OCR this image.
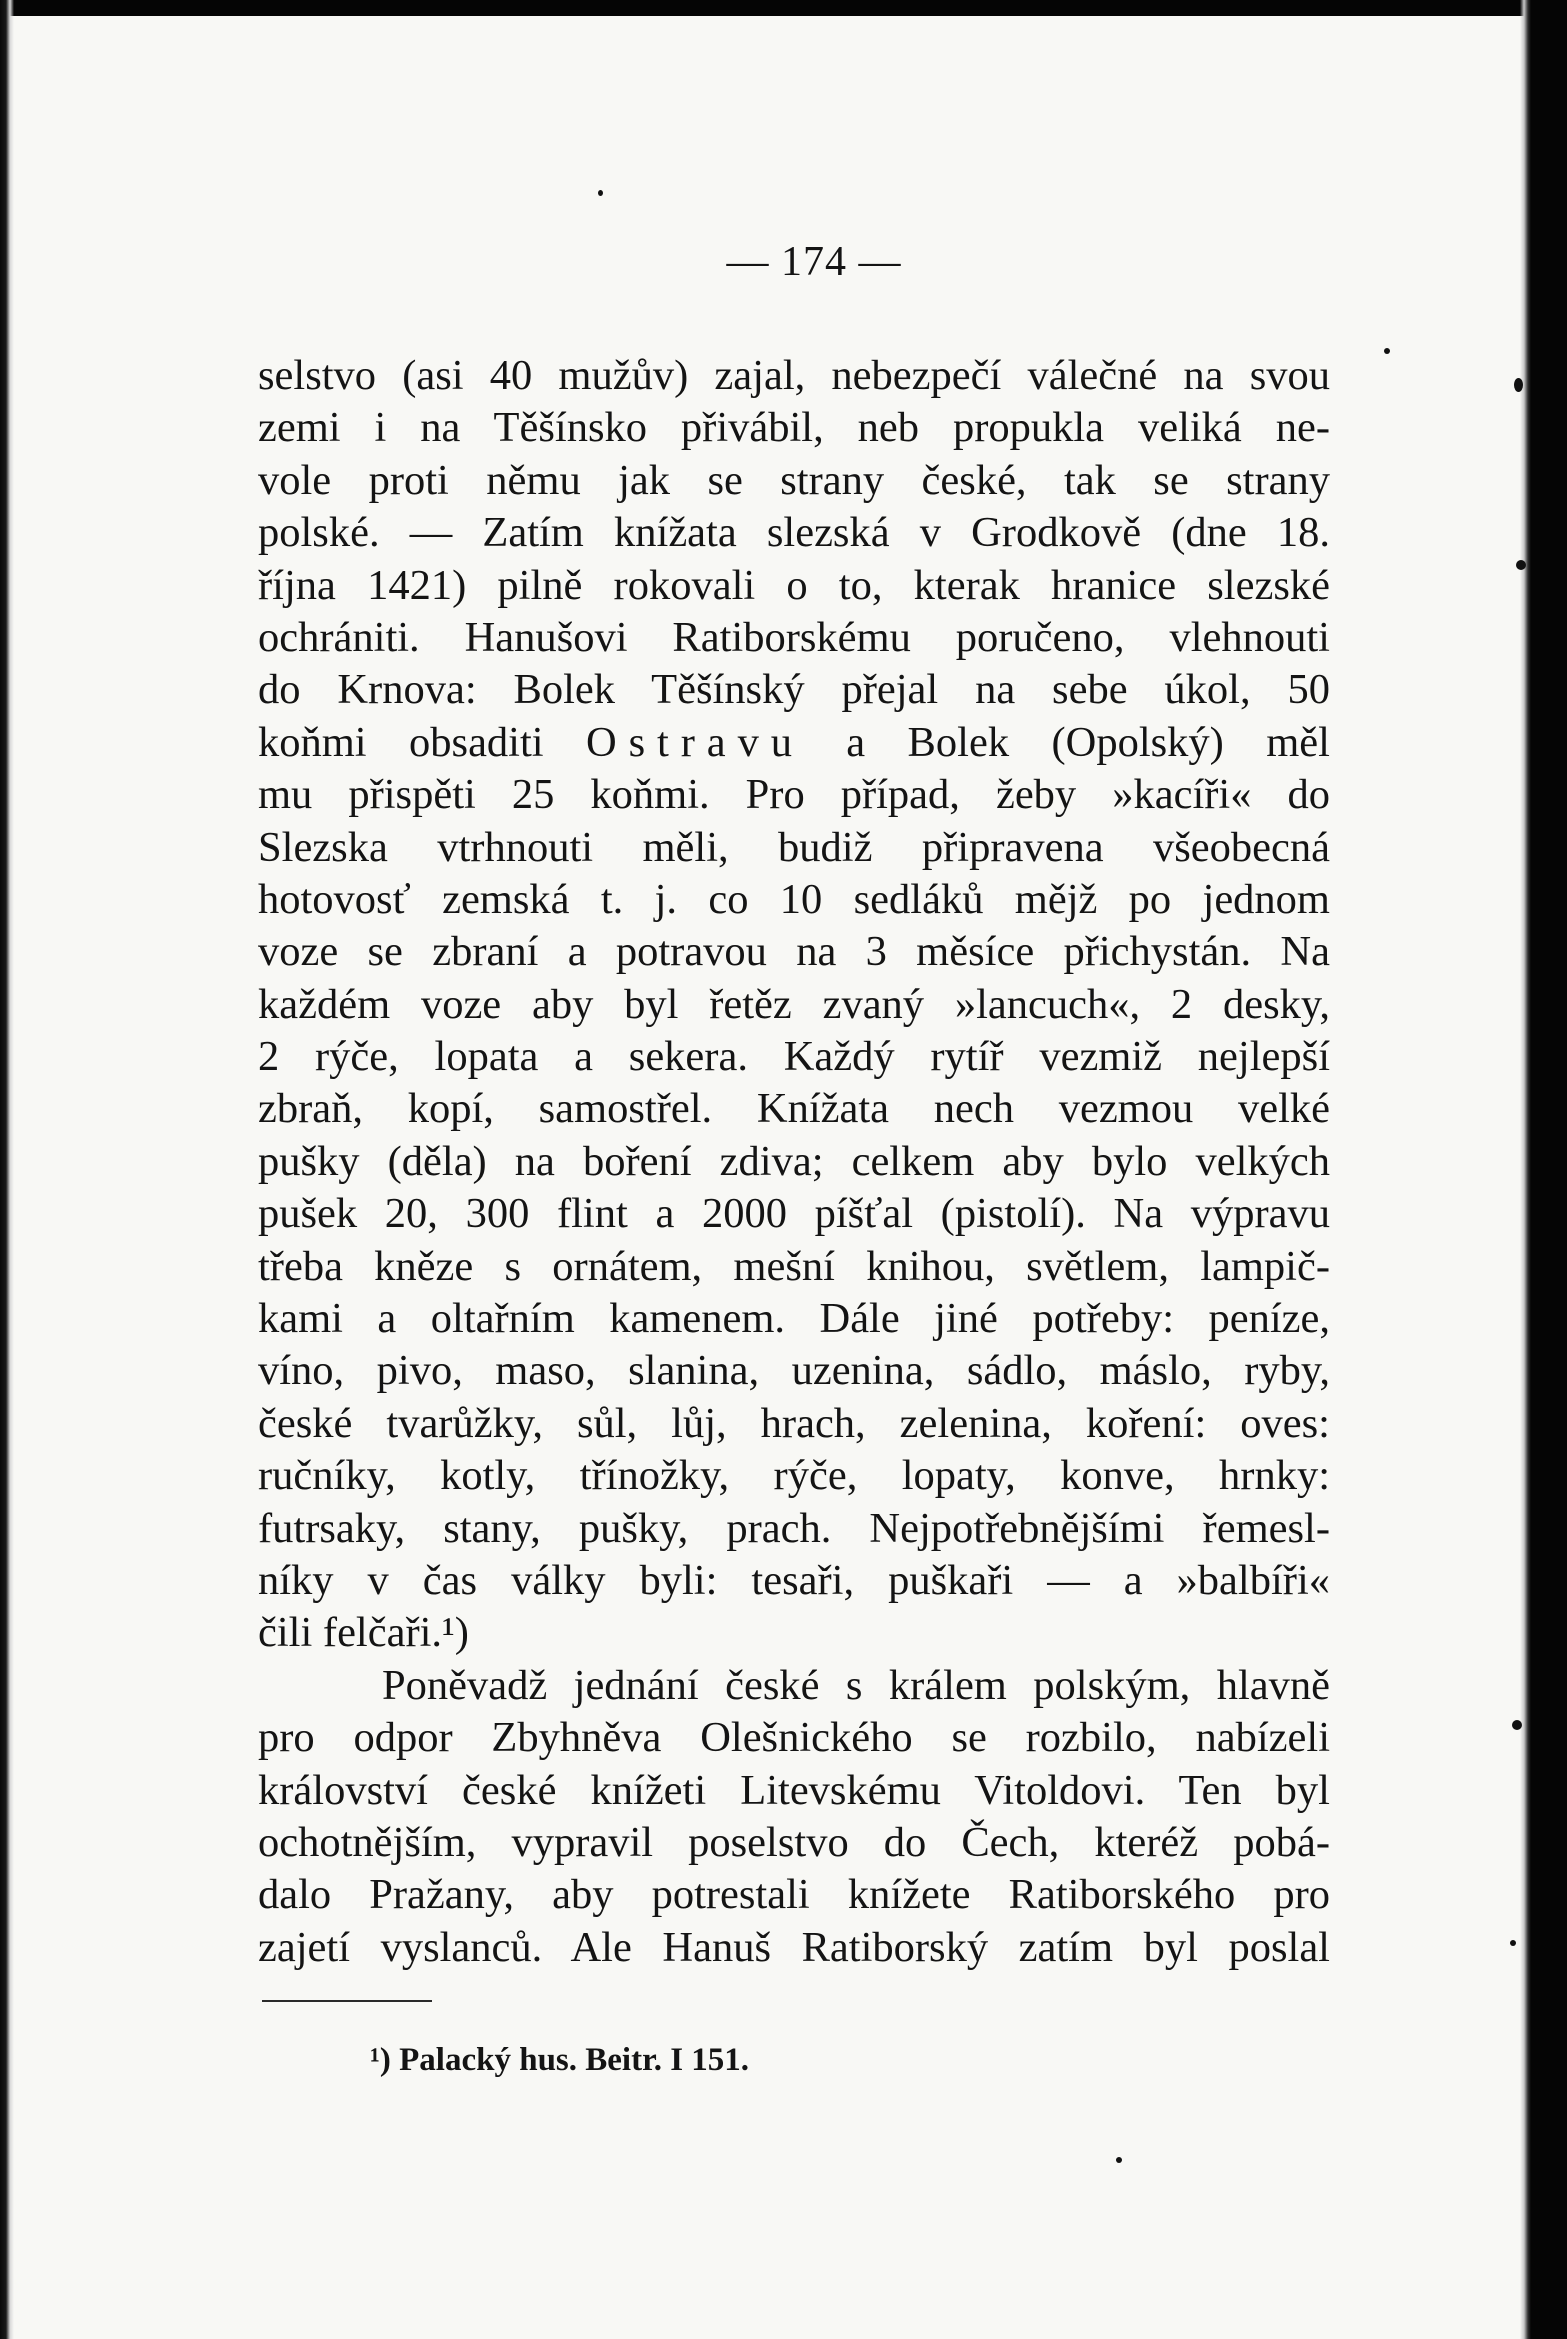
— 174 —
selstvo (asi 40 mužův) zajal, nebezpečí válečné na svou
zemi i na Těšínsko přivábil, neb propukla veliká ne-
vole proti němu jak se strany české, tak se strany
polské. — Zatím knížata slezská v Grodkově (dne 18.
října 1421) pilně rokovali o to, kterak hranice slezské
ochrániti. Hanušovi Ratiborskému poručeno, vlehnouti
do Krnova: Bolek Těšínský přejal na sebe úkol, 50
koňmi obsaditi Ostravu a Bolek (Opolský) měl
mu přispěti 25 koňmi. Pro případ, žeby »kacíři« do
Slezska vtrhnouti měli, budiž připravena všeobecná
hotovosť zemská t. j. co 10 sedláků mějž po jednom
voze se zbraní a potravou na 3 měsíce přichystán. Na
každém voze aby byl řetěz zvaný »lancuch«, 2 desky,
2 rýče, lopata a sekera. Každý rytíř vezmiž nejlepší
zbraň, kopí, samostřel. Knížata nech vezmou velké
pušky (děla) na boření zdiva; celkem aby bylo velkých
pušek 20, 300 flint a 2000 píšťal (pistolí). Na výpravu
třeba kněze s ornátem, mešní knihou, světlem, lampič-
kami a oltařním kamenem. Dále jiné potřeby: peníze,
víno, pivo, maso, slanina, uzenina, sádlo, máslo, ryby,
české tvarůžky, sůl, lůj, hrach, zelenina, koření: oves:
ručníky, kotly, třínožky, rýče, lopaty, konve, hrnky:
futrsaky, stany, pušky, prach. Nejpotřebnějšími řemesl-
níky v čas války byli: tesaři, puškaři — a »balbíři«
čili felčaři.¹)
Poněvadž jednání české s králem polským, hlavně
pro odpor Zbyhněva Olešnického se rozbilo, nabízeli
království české knížeti Litevskému Vitoldovi. Ten byl
ochotnějším, vypravil poselstvo do Čech, kteréž pobá-
dalo Pražany, aby potrestali knížete Ratiborského pro
zajetí vyslanců. Ale Hanuš Ratiborský zatím byl poslal
¹) Palacký hus. Beitr. I 151.
